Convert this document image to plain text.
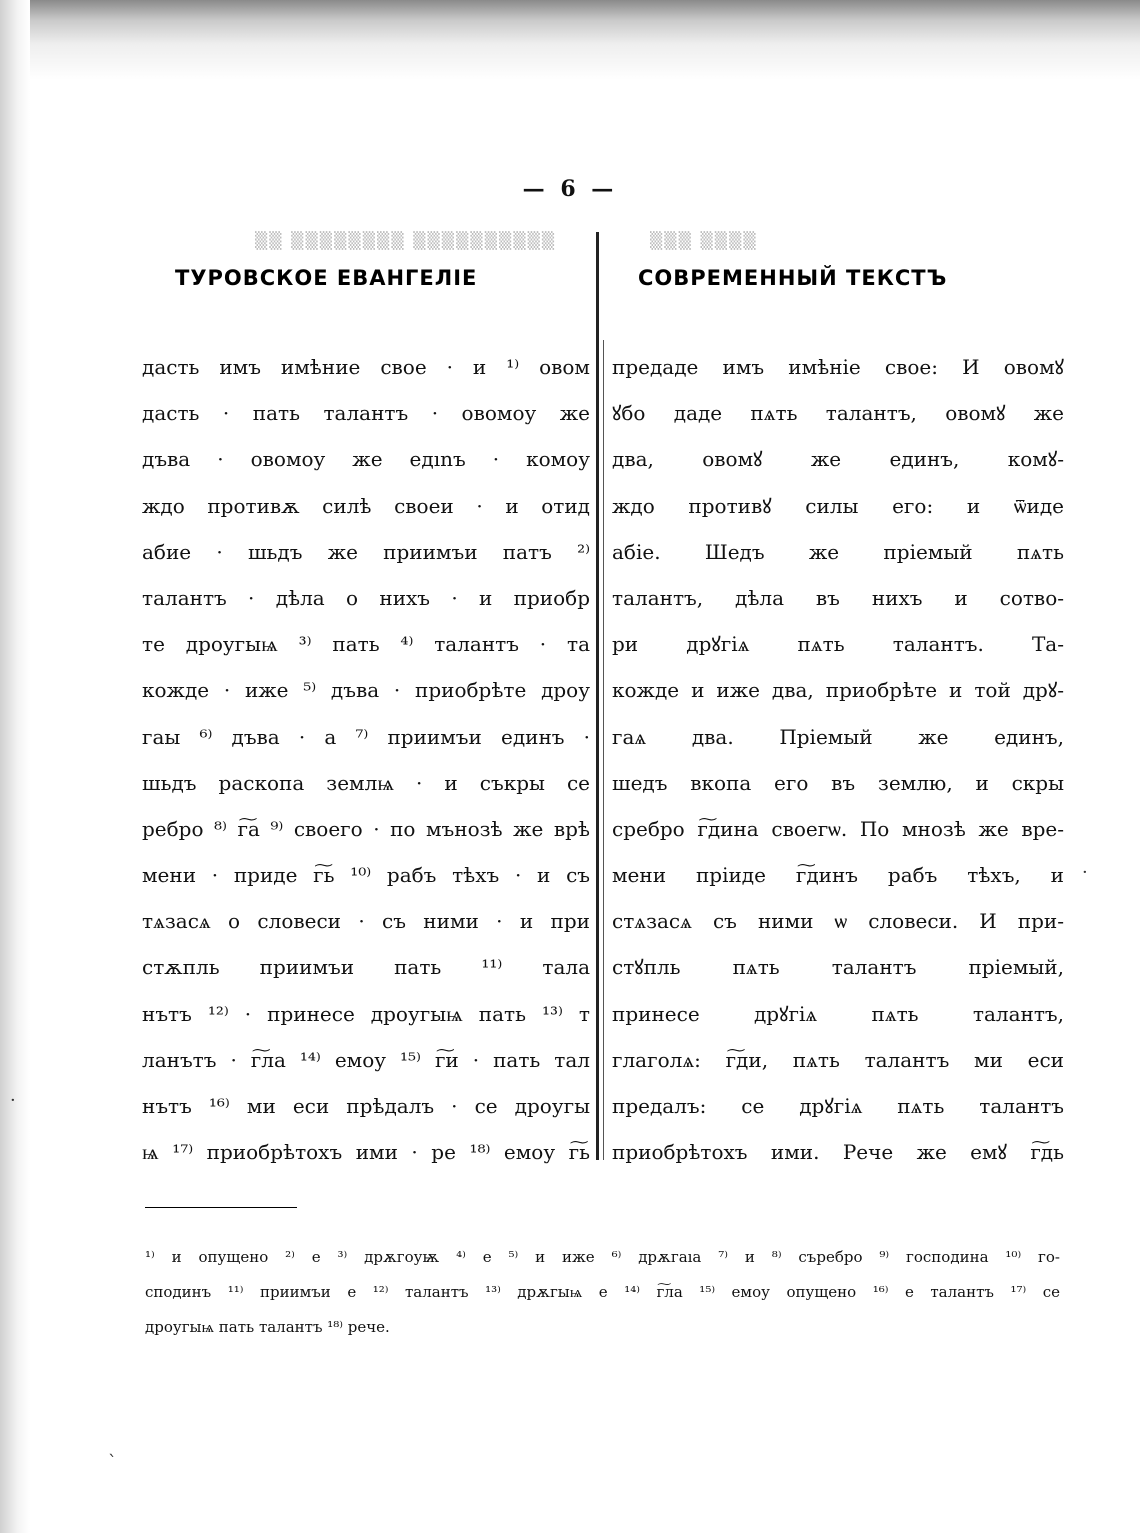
— 6 —
▒▒ ▒▒▒▒▒▒▒▒ ▒▒▒▒▒▒▒▒▒▒	▒▒▒ ▒▒▒▒
ТУРОВСКОЕ ЕВАНГЕЛIЕ	СОВРЕМЕННЫЙ ТЕКСТЪ
дасть имъ имѣние свое · и ¹⁾ овом
дасть · пать талантъ · овомоу же
дъва · овомоу же едınъ · комоу
ждо противѫ силѣ своеи · и отид
абие · шьдъ же приимъи патъ ²⁾
талантъ · дѣла о нихъ · и приобр
те дроугыѩ ³⁾ пать ⁴⁾ талантъ · та
кожде · иже ⁵⁾ дъва · приобрѣте дроу
гаы ⁶⁾ дъва · а ⁷⁾ приимъи единъ ·
шьдъ раскопа землѩ · и съкры се
ребро ⁸⁾ г͠а ⁹⁾ своего · по мънозѣ же врѣ
мени · приде г͠ь ¹⁰⁾ рабъ тѣхъ · и съ
тѧзасѧ о словеси · съ ними · и при
стѫпль приимъи пать ¹¹⁾ тала
нътъ ¹²⁾ · принесе дроугыѩ пать ¹³⁾ т
ланътъ · г͠ла ¹⁴⁾ емоу ¹⁵⁾ г͠и · пать тал
нътъ ¹⁶⁾ ми еси прѣдалъ · се дроугы
ѩ ¹⁷⁾ приобрѣтохъ ими · ре ¹⁸⁾ емоу г͠ь
предаде имъ имѣнiе свое: И овомꙋ
ꙋбо даде пѧть талантъ, овомꙋ же
два, овомꙋ же единъ, комꙋ-
ждо противꙋ силы его: и ѿиде
абiе. Шедъ же прiемый пѧть
талантъ, дѣла въ нихъ и сотво-
ри дрꙋгiѧ пѧть талантъ. Та-
кожде и иже два, приобрѣте и той дрꙋ-
гаѧ два. Прiемый же единъ,
шедъ вкопа его въ землю, и скры
сребро г͠дина своегѡ. По мнозѣ же вре-
мени прiиде г͠динъ рабъ тѣхъ, и
стѧзасѧ съ ними ѡ словеси. И при-
стꙋпль пѧть талантъ прiемый,
принесе дрꙋгiѧ пѧть талантъ,
глаголѧ: г͠ди, пѧть талантъ ми еси
предалъ: се дрꙋгiѧ пѧть талантъ
приобрѣтохъ ими. Рече же емꙋ г͠дь
¹⁾ и опущено ²⁾ е ³⁾ дрѫгоуѭ ⁴⁾ е ⁵⁾ и иже ⁶⁾ дрѫгаıа ⁷⁾ и ⁸⁾ съребро ⁹⁾ господина ¹⁰⁾ го-
сподинъ ¹¹⁾ приимъи е ¹²⁾ талантъ ¹³⁾ дрѫгыѩ е ¹⁴⁾ г͠ла ¹⁵⁾ емоу опущено ¹⁶⁾ е талантъ ¹⁷⁾ се
дроугыѩ пать талантъ ¹⁸⁾ рече.
·
`
·
